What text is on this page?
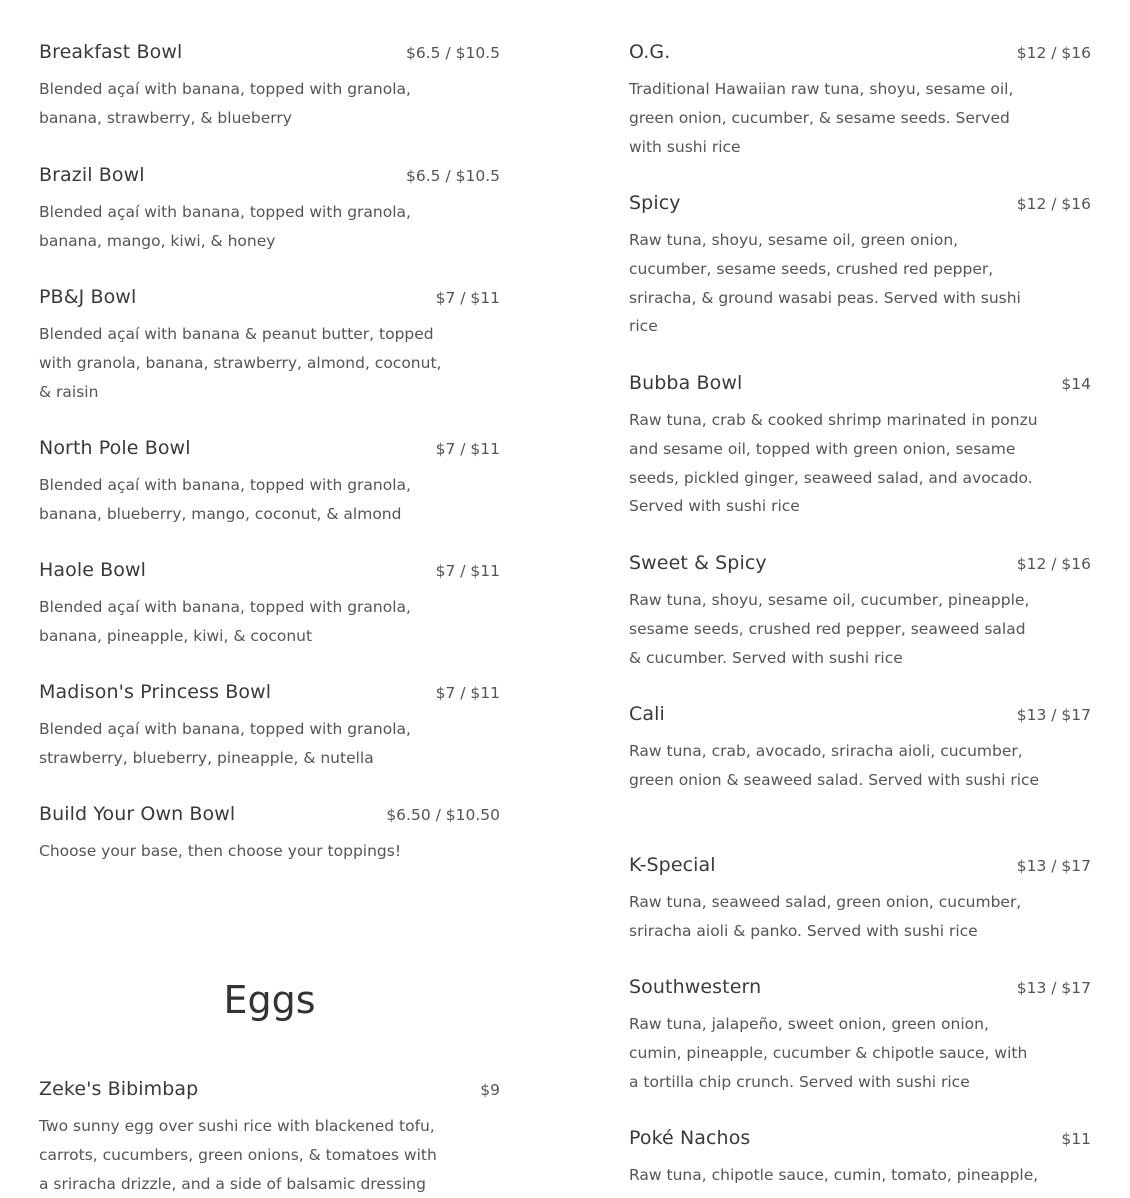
Breakfast Bowl	$6.5 / $10.5
Blended açaí with banana, topped with granola, banana, strawberry, & blueberry
Brazil Bowl	$6.5 / $10.5
Blended açaí with banana, topped with granola, banana, mango, kiwi, & honey
PB&J Bowl	$7 / $11
Blended açaí with banana & peanut butter, topped with granola, banana, strawberry, almond, coconut, & raisin
North Pole Bowl	$7 / $11
Blended açaí with banana, topped with granola, banana, blueberry, mango, coconut, & almond
Haole Bowl	$7 / $11
Blended açaí with banana, topped with granola, banana, pineapple, kiwi, & coconut
Madison's Princess Bowl	$7 / $11
Blended açaí with banana, topped with granola, strawberry, blueberry, pineapple, & nutella
Build Your Own Bowl	$6.50 / $10.50
Choose your base, then choose your toppings!
Eggs
Zeke's Bibimbap	$9
Two sunny egg over sushi rice with blackened tofu, carrots, cucumbers, green onions, & tomatoes with a sriracha drizzle, and a side of balsamic dressing
O.G.	$12 / $16
Traditional Hawaiian raw tuna, shoyu, sesame oil, green onion, cucumber, & sesame seeds. Served with sushi rice
Spicy	$12 / $16
Raw tuna, shoyu, sesame oil, green onion, cucumber, sesame seeds, crushed red pepper, sriracha, & ground wasabi peas. Served with sushi rice
Bubba Bowl	$14
Raw tuna, crab & cooked shrimp marinated in ponzu and sesame oil, topped with green onion, sesame seeds, pickled ginger, seaweed salad, and avocado. Served with sushi rice
Sweet & Spicy	$12 / $16
Raw tuna, shoyu, sesame oil, cucumber, pineapple, sesame seeds, crushed red pepper, seaweed salad & cucumber. Served with sushi rice
Cali	$13 / $17
Raw tuna, crab, avocado, sriracha aioli, cucumber, green onion & seaweed salad. Served with sushi rice
K-Special	$13 / $17
Raw tuna, seaweed salad, green onion, cucumber, sriracha aioli & panko. Served with sushi rice
Southwestern	$13 / $17
Raw tuna, jalapeño, sweet onion, green onion, cumin, pineapple, cucumber & chipotle sauce, with a tortilla chip crunch. Served with sushi rice
Poké Nachos	$11
Raw tuna, chipotle sauce, cumin, tomato, pineapple,
